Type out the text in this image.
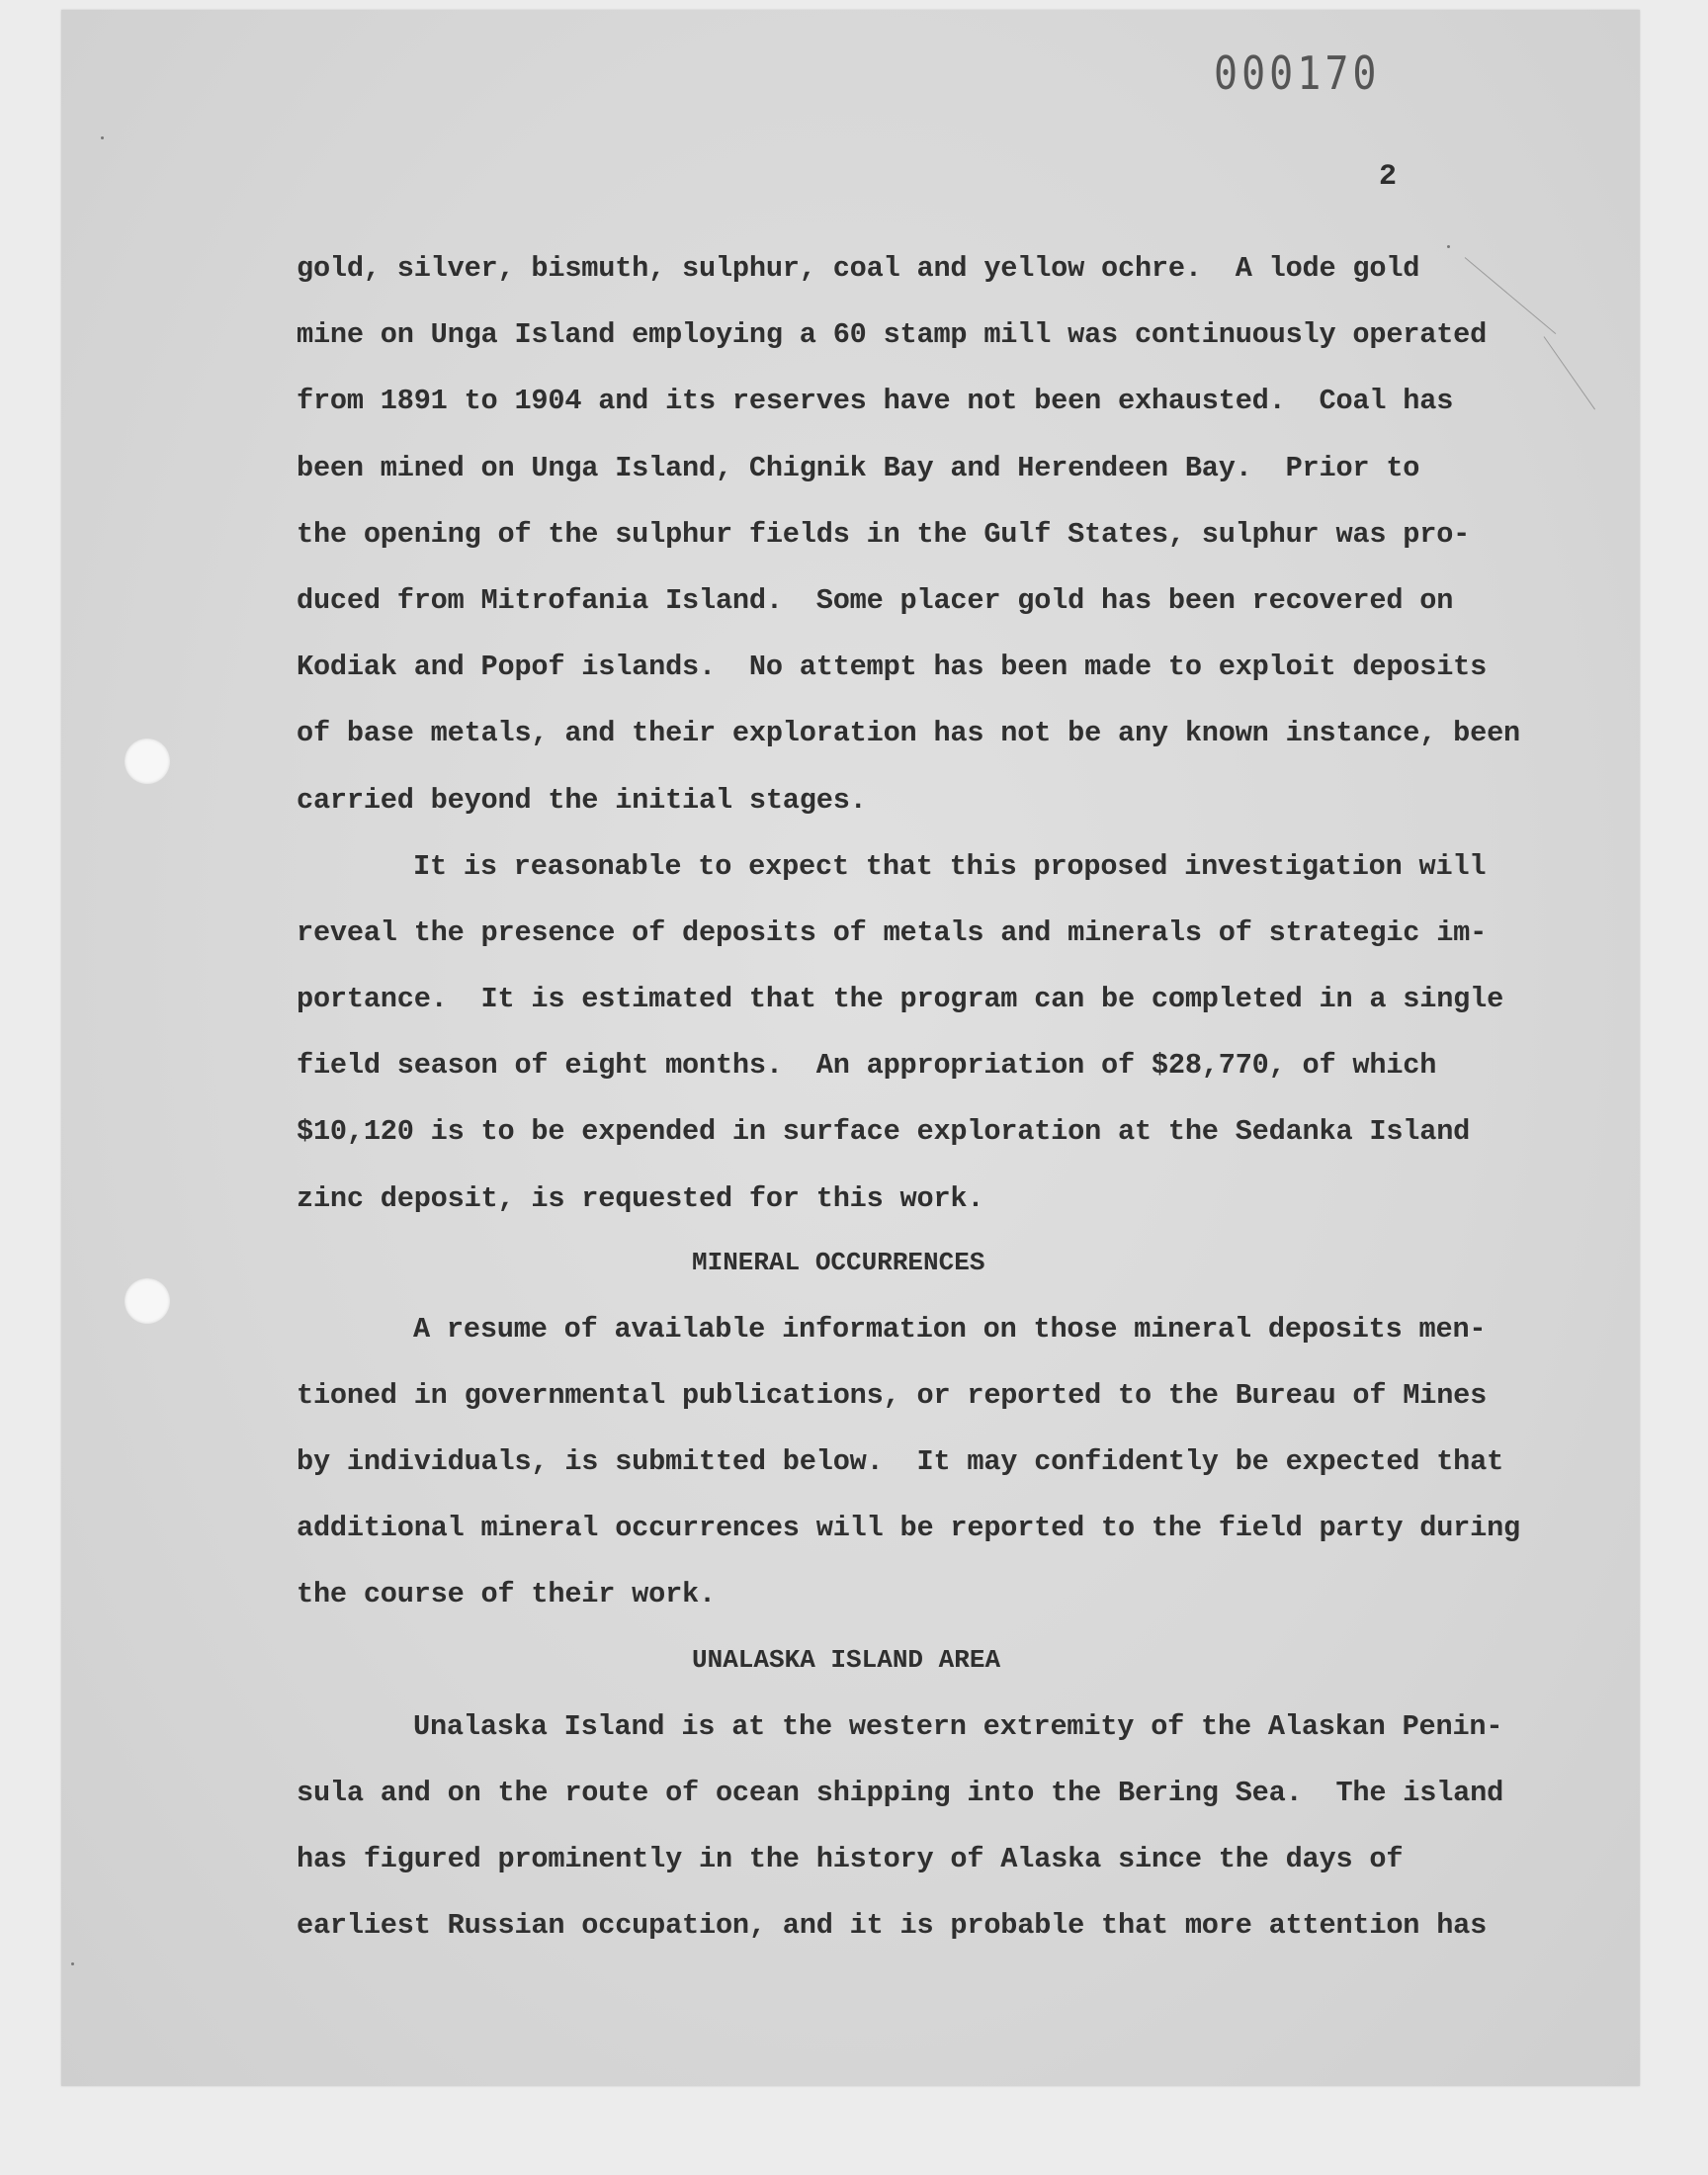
000170
2
gold, silver, bismuth, sulphur, coal and yellow ochre.  A lode gold
mine on Unga Island employing a 60 stamp mill was continuously operated
from 1891 to 1904 and its reserves have not been exhausted.  Coal has
been mined on Unga Island, Chignik Bay and Herendeen Bay.  Prior to
the opening of the sulphur fields in the Gulf States, sulphur was pro-
duced from Mitrofania Island.  Some placer gold has been recovered on
Kodiak and Popof islands.  No attempt has been made to exploit deposits
of base metals, and their exploration has not be any known instance, been
carried beyond the initial stages.
It is reasonable to expect that this proposed investigation will
reveal the presence of deposits of metals and minerals of strategic im-
portance.  It is estimated that the program can be completed in a single
field season of eight months.  An appropriation of $28,770, of which
$10,120 is to be expended in surface exploration at the Sedanka Island
zinc deposit, is requested for this work.
MINERAL OCCURRENCES
A resume of available information on those mineral deposits men-
tioned in governmental publications, or reported to the Bureau of Mines
by individuals, is submitted below.  It may confidently be expected that
additional mineral occurrences will be reported to the field party during
the course of their work.
UNALASKA ISLAND AREA
Unalaska Island is at the western extremity of the Alaskan Penin-
sula and on the route of ocean shipping into the Bering Sea.  The island
has figured prominently in the history of Alaska since the days of
earliest Russian occupation, and it is probable that more attention has
